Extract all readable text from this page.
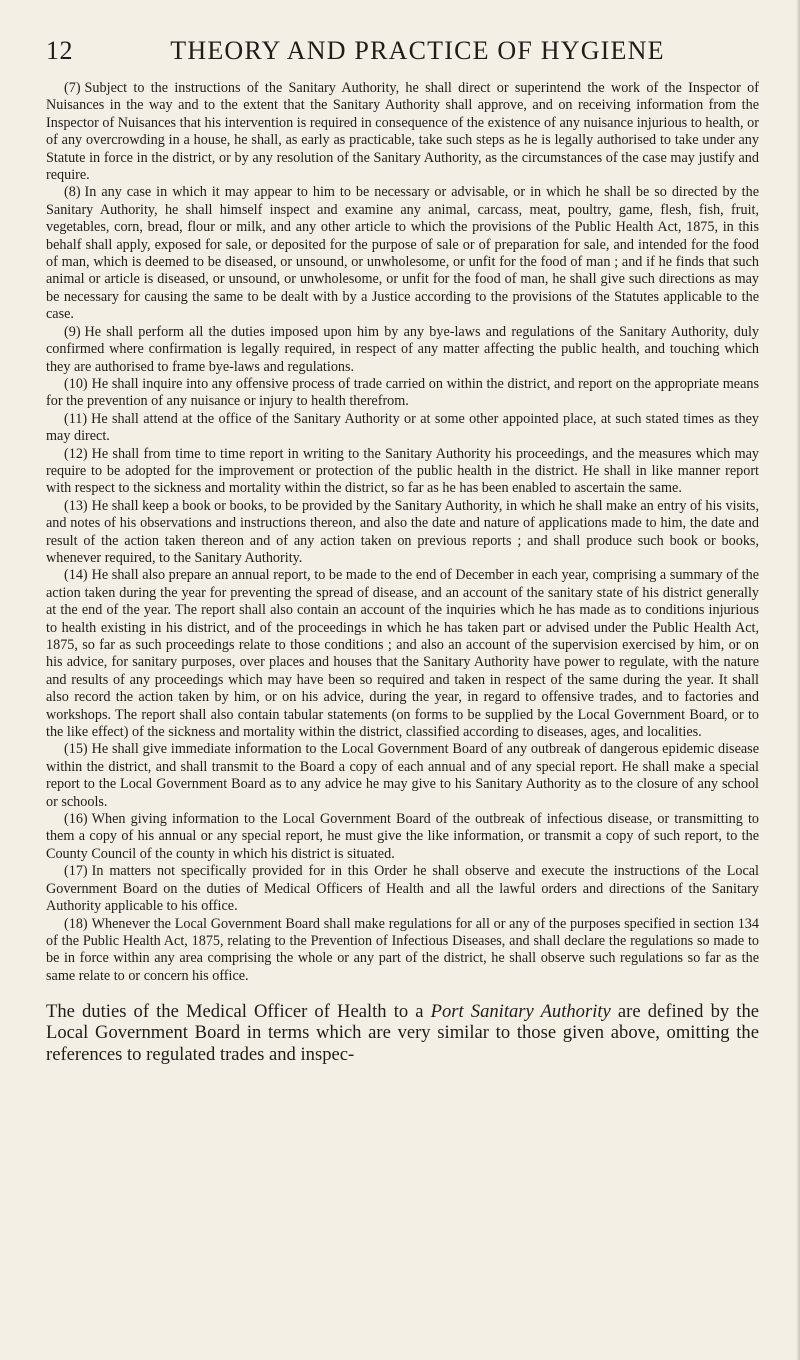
12	THEORY AND PRACTICE OF HYGIENE

(7) Subject to the instructions of the Sanitary Authority, he shall direct or superintend the work of the Inspector of Nuisances in the way and to the extent that the Sanitary Authority shall approve, and on receiving information from the Inspector of Nuisances that his intervention is required in consequence of the existence of any nuisance injurious to health, or of any overcrowding in a house, he shall, as early as practicable, take such steps as he is legally authorised to take under any Statute in force in the district, or by any resolution of the Sanitary Authority, as the circumstances of the case may justify and require.

(8) In any case in which it may appear to him to be necessary or advisable, or in which he shall be so directed by the Sanitary Authority, he shall himself inspect and examine any animal, carcass, meat, poultry, game, flesh, fish, fruit, vegetables, corn, bread, flour or milk, and any other article to which the provisions of the Public Health Act, 1875, in this behalf shall apply, exposed for sale, or deposited for the purpose of sale or of preparation for sale, and intended for the food of man, which is deemed to be diseased, or unsound, or unwholesome, or unfit for the food of man ; and if he finds that such animal or article is diseased, or unsound, or unwholesome, or unfit for the food of man, he shall give such directions as may be necessary for causing the same to be dealt with by a Justice according to the provisions of the Statutes applicable to the case.

(9) He shall perform all the duties imposed upon him by any bye-laws and regulations of the Sanitary Authority, duly confirmed where confirmation is legally required, in respect of any matter affecting the public health, and touching which they are authorised to frame bye-laws and regulations.

(10) He shall inquire into any offensive process of trade carried on within the district, and report on the appropriate means for the prevention of any nuisance or injury to health therefrom.

(11) He shall attend at the office of the Sanitary Authority or at some other appointed place, at such stated times as they may direct.

(12) He shall from time to time report in writing to the Sanitary Authority his proceedings, and the measures which may require to be adopted for the improvement or protection of the public health in the district. He shall in like manner report with respect to the sickness and mortality within the district, so far as he has been enabled to ascertain the same.

(13) He shall keep a book or books, to be provided by the Sanitary Authority, in which he shall make an entry of his visits, and notes of his observations and instructions thereon, and also the date and nature of applications made to him, the date and result of the action taken thereon and of any action taken on previous reports ; and shall produce such book or books, whenever required, to the Sanitary Authority.

(14) He shall also prepare an annual report, to be made to the end of December in each year, comprising a summary of the action taken during the year for preventing the spread of disease, and an account of the sanitary state of his district generally at the end of the year. The report shall also contain an account of the inquiries which he has made as to conditions injurious to health existing in his district, and of the proceedings in which he has taken part or advised under the Public Health Act, 1875, so far as such proceedings relate to those conditions ; and also an account of the supervision exercised by him, or on his advice, for sanitary purposes, over places and houses that the Sanitary Authority have power to regulate, with the nature and results of any proceedings which may have been so required and taken in respect of the same during the year. It shall also record the action taken by him, or on his advice, during the year, in regard to offensive trades, and to factories and workshops. The report shall also contain tabular statements (on forms to be supplied by the Local Government Board, or to the like effect) of the sickness and mortality within the district, classified according to diseases, ages, and localities.

(15) He shall give immediate information to the Local Government Board of any outbreak of dangerous epidemic disease within the district, and shall transmit to the Board a copy of each annual and of any special report. He shall make a special report to the Local Government Board as to any advice he may give to his Sanitary Authority as to the closure of any school or schools.

(16) When giving information to the Local Government Board of the outbreak of infectious disease, or transmitting to them a copy of his annual or any special report, he must give the like information, or transmit a copy of such report, to the County Council of the county in which his district is situated.

(17) In matters not specifically provided for in this Order he shall observe and execute the instructions of the Local Government Board on the duties of Medical Officers of Health and all the lawful orders and directions of the Sanitary Authority applicable to his office.

(18) Whenever the Local Government Board shall make regulations for all or any of the purposes specified in section 134 of the Public Health Act, 1875, relating to the Prevention of Infectious Diseases, and shall declare the regulations so made to be in force within any area comprising the whole or any part of the district, he shall observe such regulations so far as the same relate to or concern his office.

The duties of the Medical Officer of Health to a Port Sanitary Authority are defined by the Local Government Board in terms which are very similar to those given above, omitting the references to regulated trades and inspec-
